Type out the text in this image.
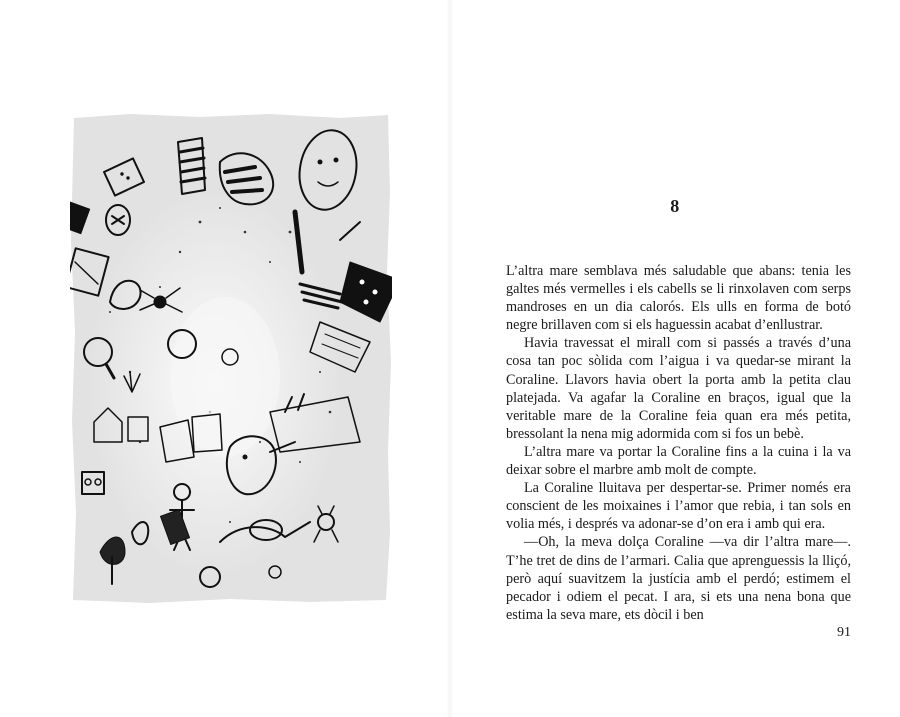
8

L’altra mare semblava més saludable que abans: tenia les galtes més vermelles i els cabells se li rinxolaven com serps mandroses en un dia calorós. Els ulls en forma de botó negre brillaven com si els haguessin acabat d’enllustrar.

Havia travessat el mirall com si passés a través d’una cosa tan poc sòlida com l’aigua i va quedar-se mirant la Coraline. Llavors havia obert la porta amb la petita clau platejada. Va agafar la Coraline en braços, igual que la veritable mare de la Coraline feia quan era més petita, bressolant la nena mig adormida com si fos un bebè.

L’altra mare va portar la Coraline fins a la cuina i la va deixar sobre el marbre amb molt de compte.

La Coraline lluitava per despertar-se. Primer només era conscient de les moixaines i l’amor que rebia, i tan sols en volia més, i després va adonar-se d’on era i amb qui era.

—Oh, la meva dolça Coraline —va dir l’altra mare—. T’he tret de dins de l’armari. Calia que aprenguessis la lliçó, però aquí suavitzem la justícia amb el perdó; estimem el pecador i odiem el pecat. I ara, si ets una nena bona que estima la seva mare, ets dòcil i ben

91
